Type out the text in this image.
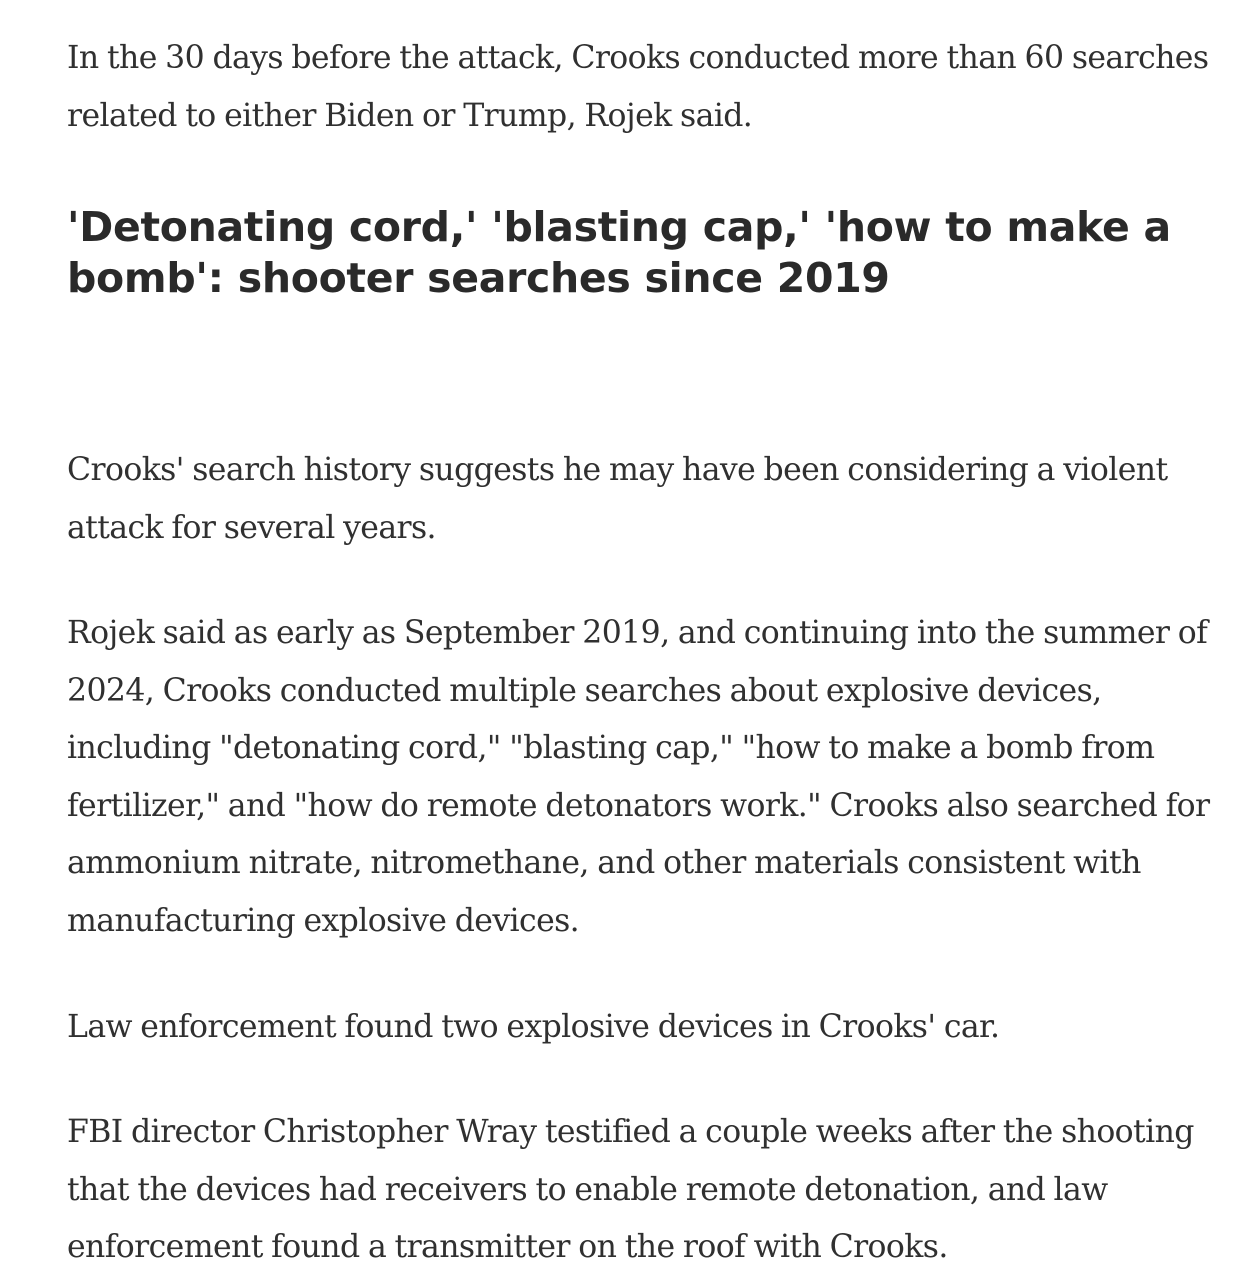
In the 30 days before the attack, Crooks conducted more than 60 searches related to either Biden or Trump, Rojek said.

'Detonating cord,' 'blasting cap,' 'how to make a bomb': shooter searches since 2019

Crooks' search history suggests he may have been considering a violent attack for several years.

Rojek said as early as September 2019, and continuing into the summer of 2024, Crooks conducted multiple searches about explosive devices, including "detonating cord," "blasting cap," "how to make a bomb from fertilizer," and "how do remote detonators work." Crooks also searched for ammonium nitrate, nitromethane, and other materials consistent with manufacturing explosive devices.

Law enforcement found two explosive devices in Crooks' car.

FBI director Christopher Wray testified a couple weeks after the shooting that the devices had receivers to enable remote detonation, and law enforcement found a transmitter on the roof with Crooks.
